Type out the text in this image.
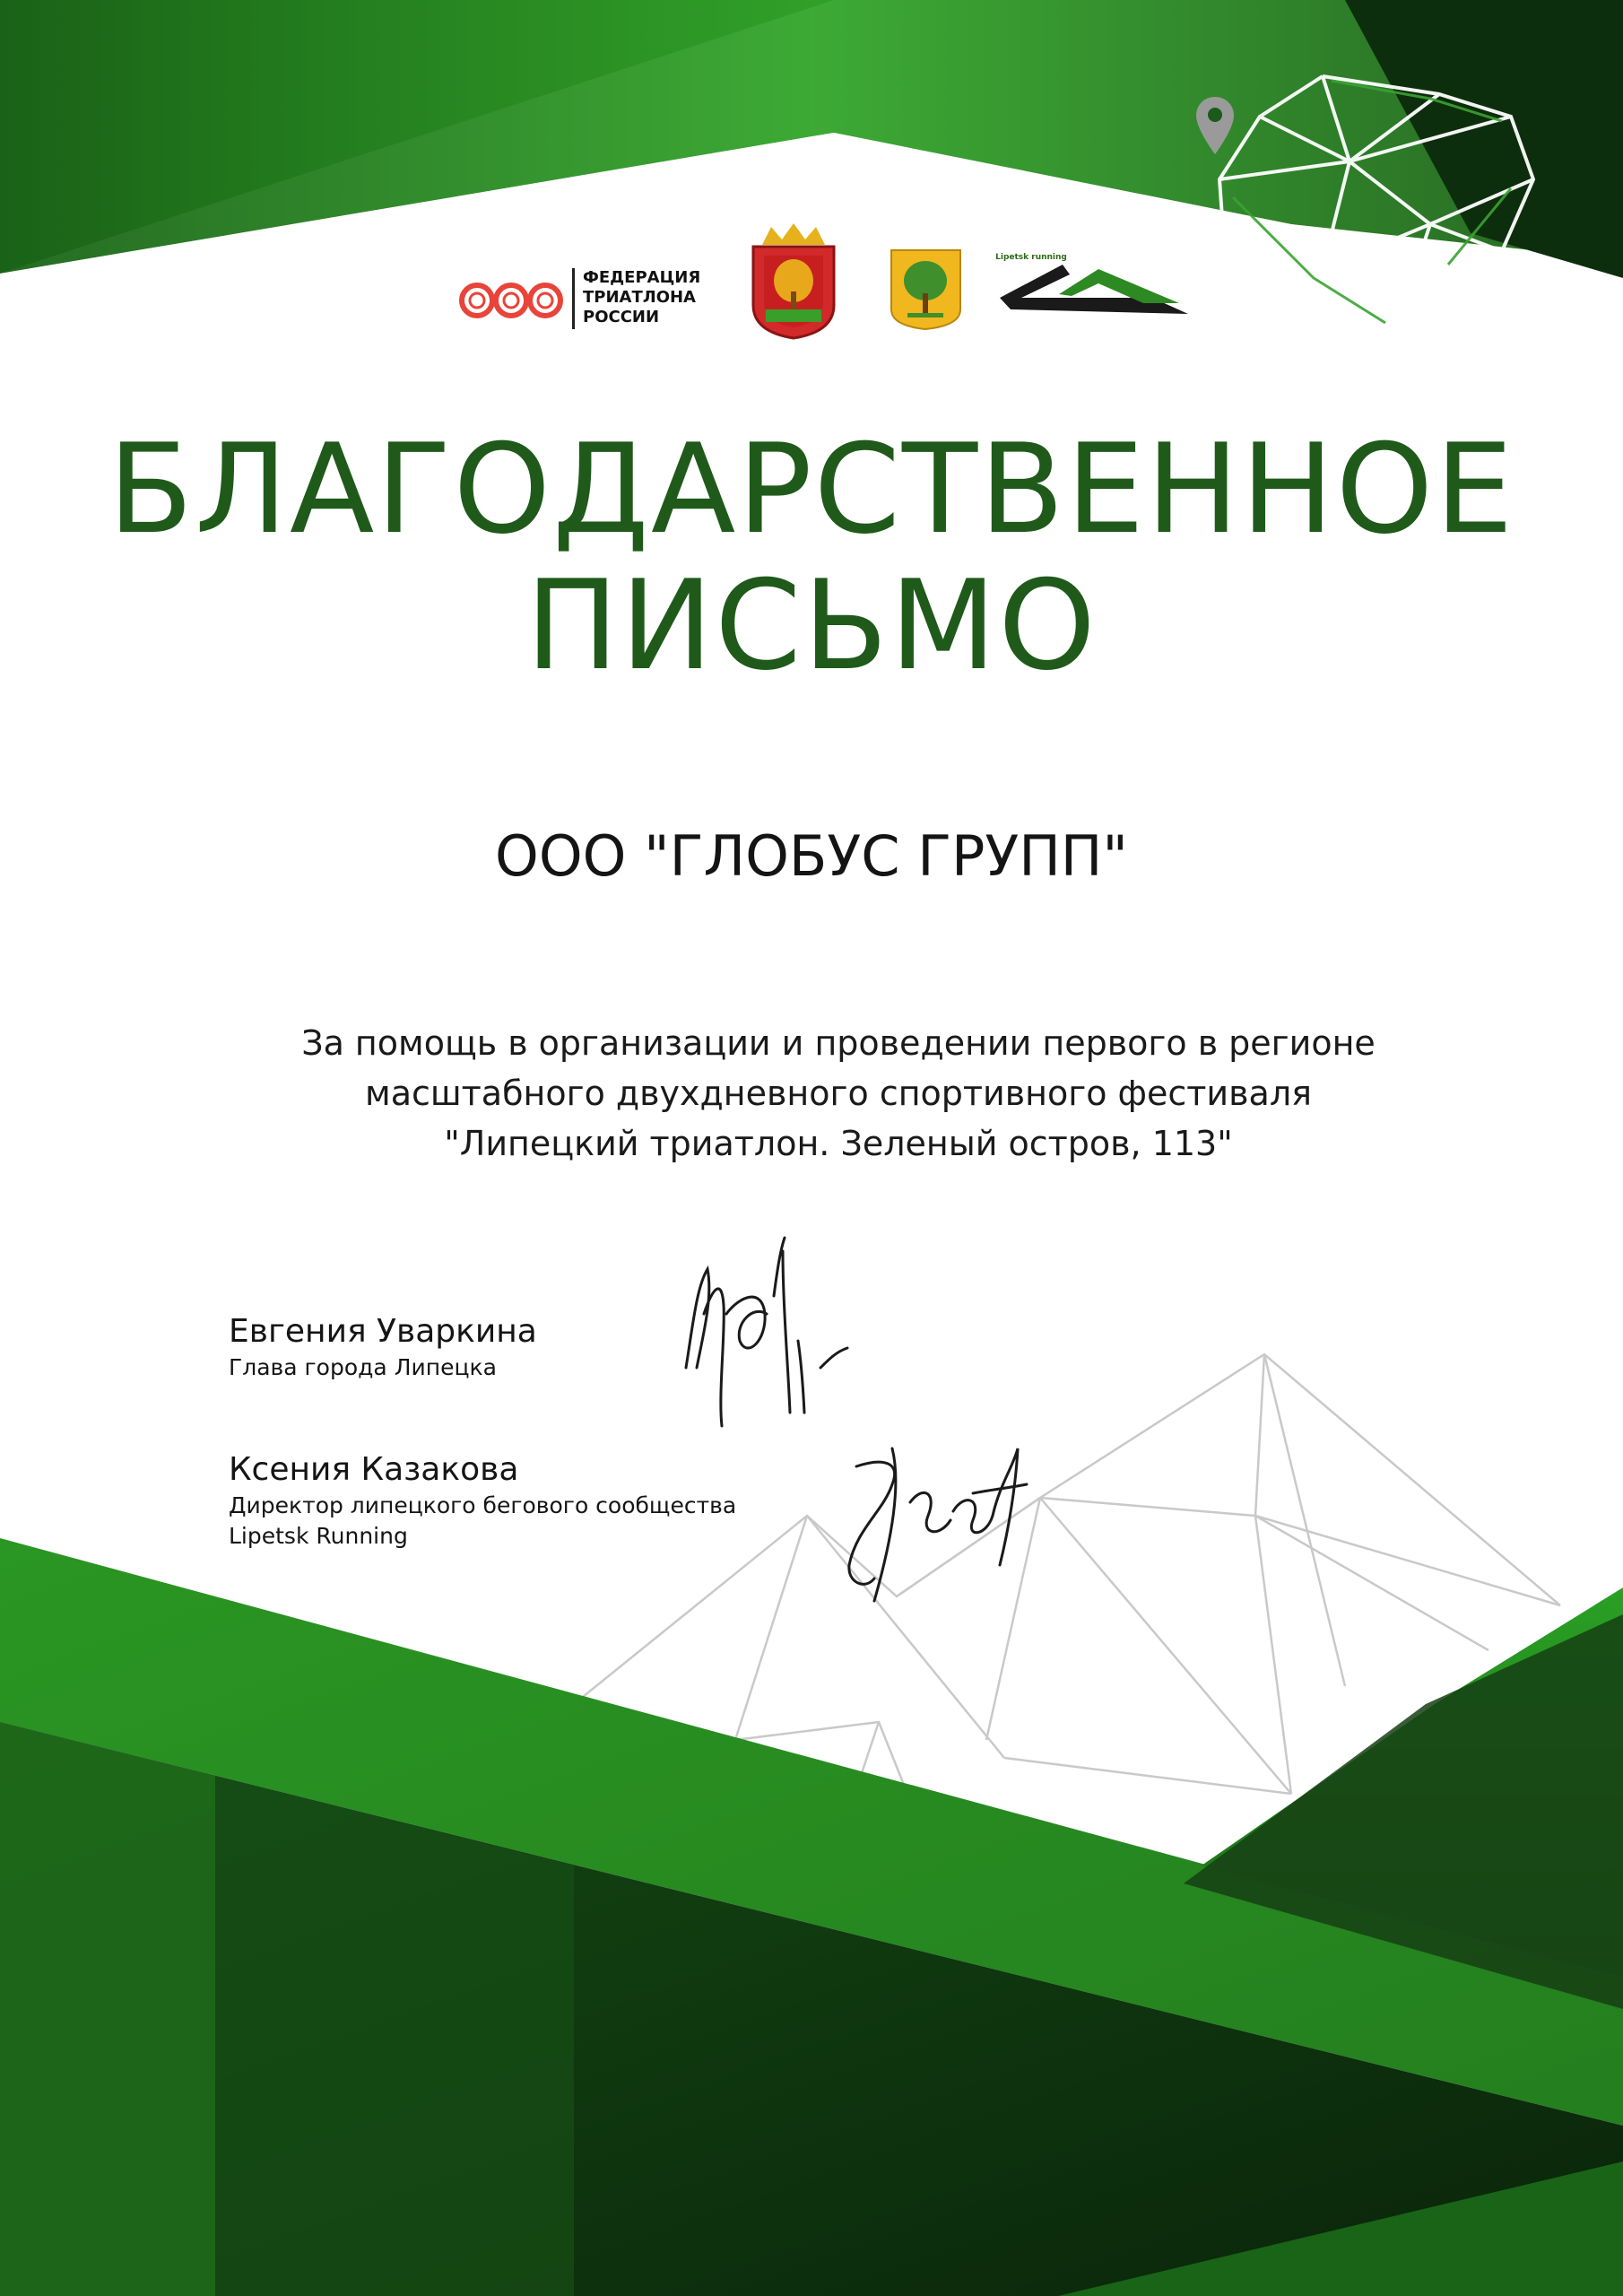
ФЕДЕРАЦИЯ
ТРИАТЛОНА
РОССИИ
Lipetsk running
БЛАГОДАРСТВЕННОЕ
ПИСЬМО
ООО "ГЛОБУС ГРУПП"
За помощь в организации и проведении первого в регионе
масштабного двухдневного спортивного фестиваля
"Липецкий триатлон. Зеленый остров, 113"
Евгения Уваркина
Глава города Липецка
Ксения Казакова
Директор липецкого бегового сообщества
Lipetsk Running
